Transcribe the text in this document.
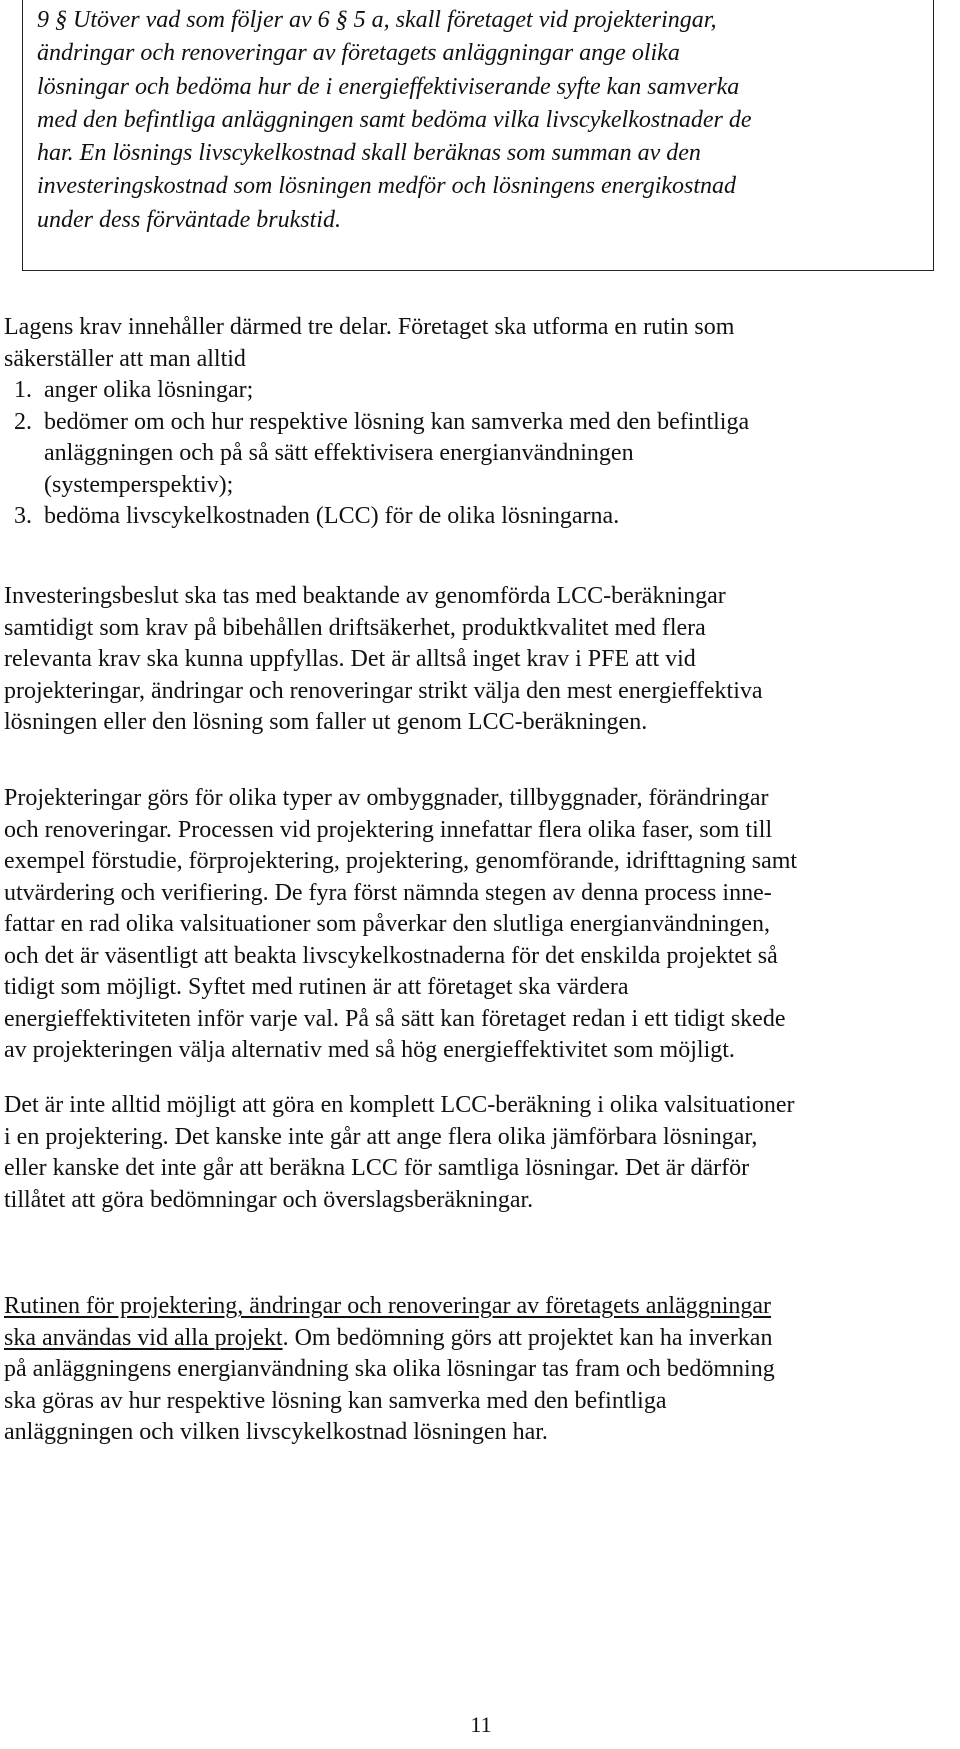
9 § Utöver vad som följer av 6 § 5 a, skall företaget vid projekteringar,
ändringar och renoveringar av företagets anläggningar ange olika
lösningar och bedöma hur de i energieffektiviserande syfte kan samverka
med den befintliga anläggningen samt bedöma vilka livscykelkostnader de
har. En lösnings livscykelkostnad skall beräknas som summan av den
investeringskostnad som lösningen medför och lösningens energikostnad
under dess förväntade brukstid.

Lagens krav innehåller därmed tre delar. Företaget ska utforma en rutin som
säkerställer att man alltid

1. anger olika lösningar;
2. bedömer om och hur respektive lösning kan samverka med den befintliga
anläggningen och på så sätt effektivisera energianvändningen
(systemperspektiv);
3. bedöma livscykelkostnaden (LCC) för de olika lösningarna.

Investeringsbeslut ska tas med beaktande av genomförda LCC-beräkningar
samtidigt som krav på bibehållen driftsäkerhet, produktkvalitet med flera
relevanta krav ska kunna uppfyllas. Det är alltså inget krav i PFE att vid
projekteringar, ändringar och renoveringar strikt välja den mest energieffektiva
lösningen eller den lösning som faller ut genom LCC-beräkningen.

Projekteringar görs för olika typer av ombyggnader, tillbyggnader, förändringar
och renoveringar. Processen vid projektering innefattar flera olika faser, som till
exempel förstudie, förprojektering, projektering, genomförande, idrifttagning samt
utvärdering och verifiering. De fyra först nämnda stegen av denna process inne-
fattar en rad olika valsituationer som påverkar den slutliga energianvändningen,
och det är väsentligt att beakta livscykelkostnaderna för det enskilda projektet så
tidigt som möjligt. Syftet med rutinen är att företaget ska värdera
energieffektiviteten inför varje val. På så sätt kan företaget redan i ett tidigt skede
av projekteringen välja alternativ med så hög energieffektivitet som möjligt.

Det är inte alltid möjligt att göra en komplett LCC-beräkning i olika valsituationer
i en projektering. Det kanske inte går att ange flera olika jämförbara lösningar,
eller kanske det inte går att beräkna LCC för samtliga lösningar. Det är därför
tillåtet att göra bedömningar och överslagsberäkningar.

Rutinen för projektering, ändringar och renoveringar av företagets anläggningar
ska användas vid alla projekt. Om bedömning görs att projektet kan ha inverkan
på anläggningens energianvändning ska olika lösningar tas fram och bedömning
ska göras av hur respektive lösning kan samverka med den befintliga
anläggningen och vilken livscykelkostnad lösningen har.

11
